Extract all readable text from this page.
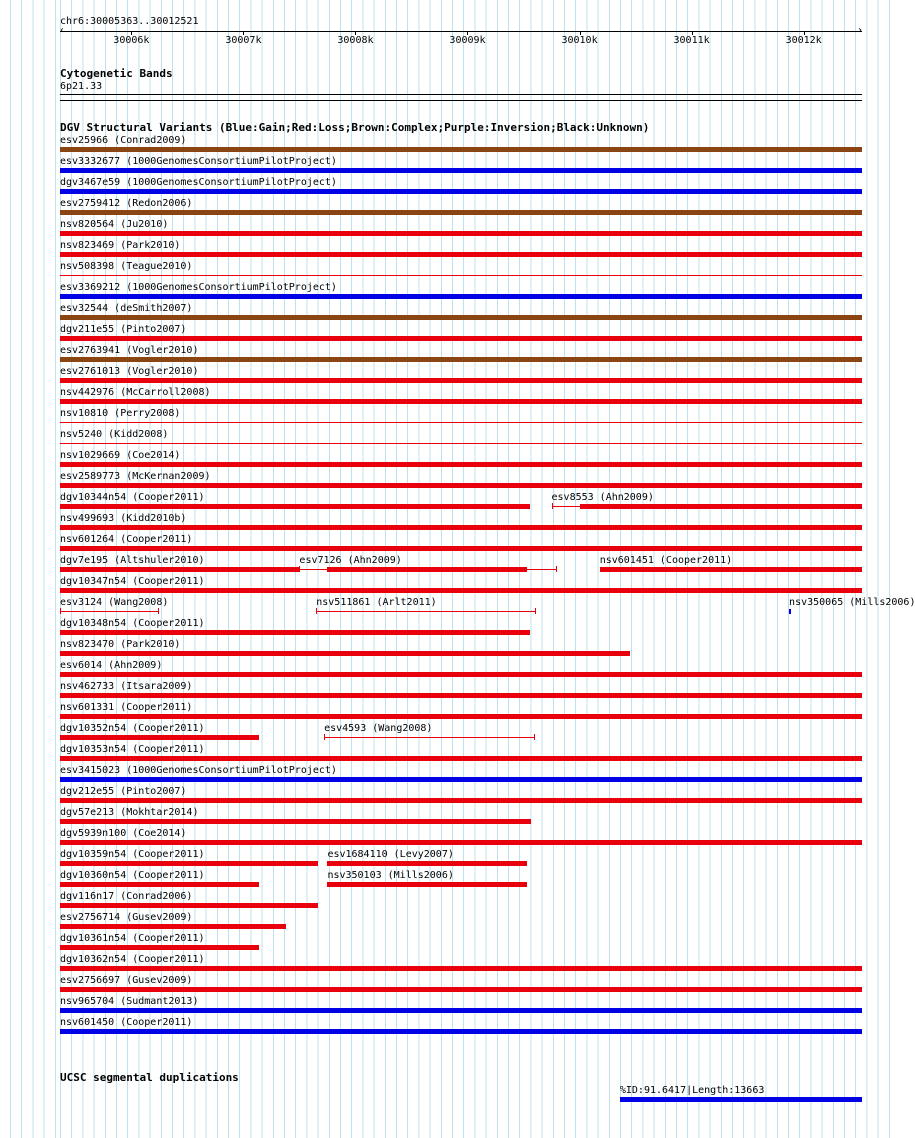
chr6:30005363..30012521
‹	›
30006k	30007k	30008k	30009k	30010k	30011k	30012k
Cytogenetic Bands
6p21.33
DGV Structural Variants (Blue:Gain;Red:Loss;Brown:Complex;Purple:Inversion;Black:Unknown)
esv25966 (Conrad2009)
esv3332677 (1000GenomesConsortiumPilotProject)
dgv3467e59 (1000GenomesConsortiumPilotProject)
esv2759412 (Redon2006)
nsv820564 (Ju2010)
nsv823469 (Park2010)
nsv508398 (Teague2010)
esv3369212 (1000GenomesConsortiumPilotProject)
esv32544 (deSmith2007)
dgv211e55 (Pinto2007)
esv2763941 (Vogler2010)
esv2761013 (Vogler2010)
nsv442976 (McCarroll2008)
nsv10810 (Perry2008)
nsv5240 (Kidd2008)
nsv1029669 (Coe2014)
esv2589773 (McKernan2009)
dgv10344n54 (Cooper2011)	esv8553 (Ahn2009)
nsv499693 (Kidd2010b)
nsv601264 (Cooper2011)
dgv7e195 (Altshuler2010)	esv7126 (Ahn2009)	nsv601451 (Cooper2011)
dgv10347n54 (Cooper2011)
esv3124 (Wang2008)	nsv511861 (Arlt2011)	nsv350065 (Mills2006)
dgv10348n54 (Cooper2011)
nsv823470 (Park2010)
esv6014 (Ahn2009)
nsv462733 (Itsara2009)
nsv601331 (Cooper2011)
dgv10352n54 (Cooper2011)	esv4593 (Wang2008)
dgv10353n54 (Cooper2011)
esv3415023 (1000GenomesConsortiumPilotProject)
dgv212e55 (Pinto2007)
dgv57e213 (Mokhtar2014)
dgv5939n100 (Coe2014)
dgv10359n54 (Cooper2011)	esv1684110 (Levy2007)
dgv10360n54 (Cooper2011)	nsv350103 (Mills2006)
dgv116n17 (Conrad2006)
esv2756714 (Gusev2009)
dgv10361n54 (Cooper2011)
dgv10362n54 (Cooper2011)
esv2756697 (Gusev2009)
nsv965704 (Sudmant2013)
nsv601450 (Cooper2011)
UCSC segmental duplications
%ID:91.6417|Length:13663
